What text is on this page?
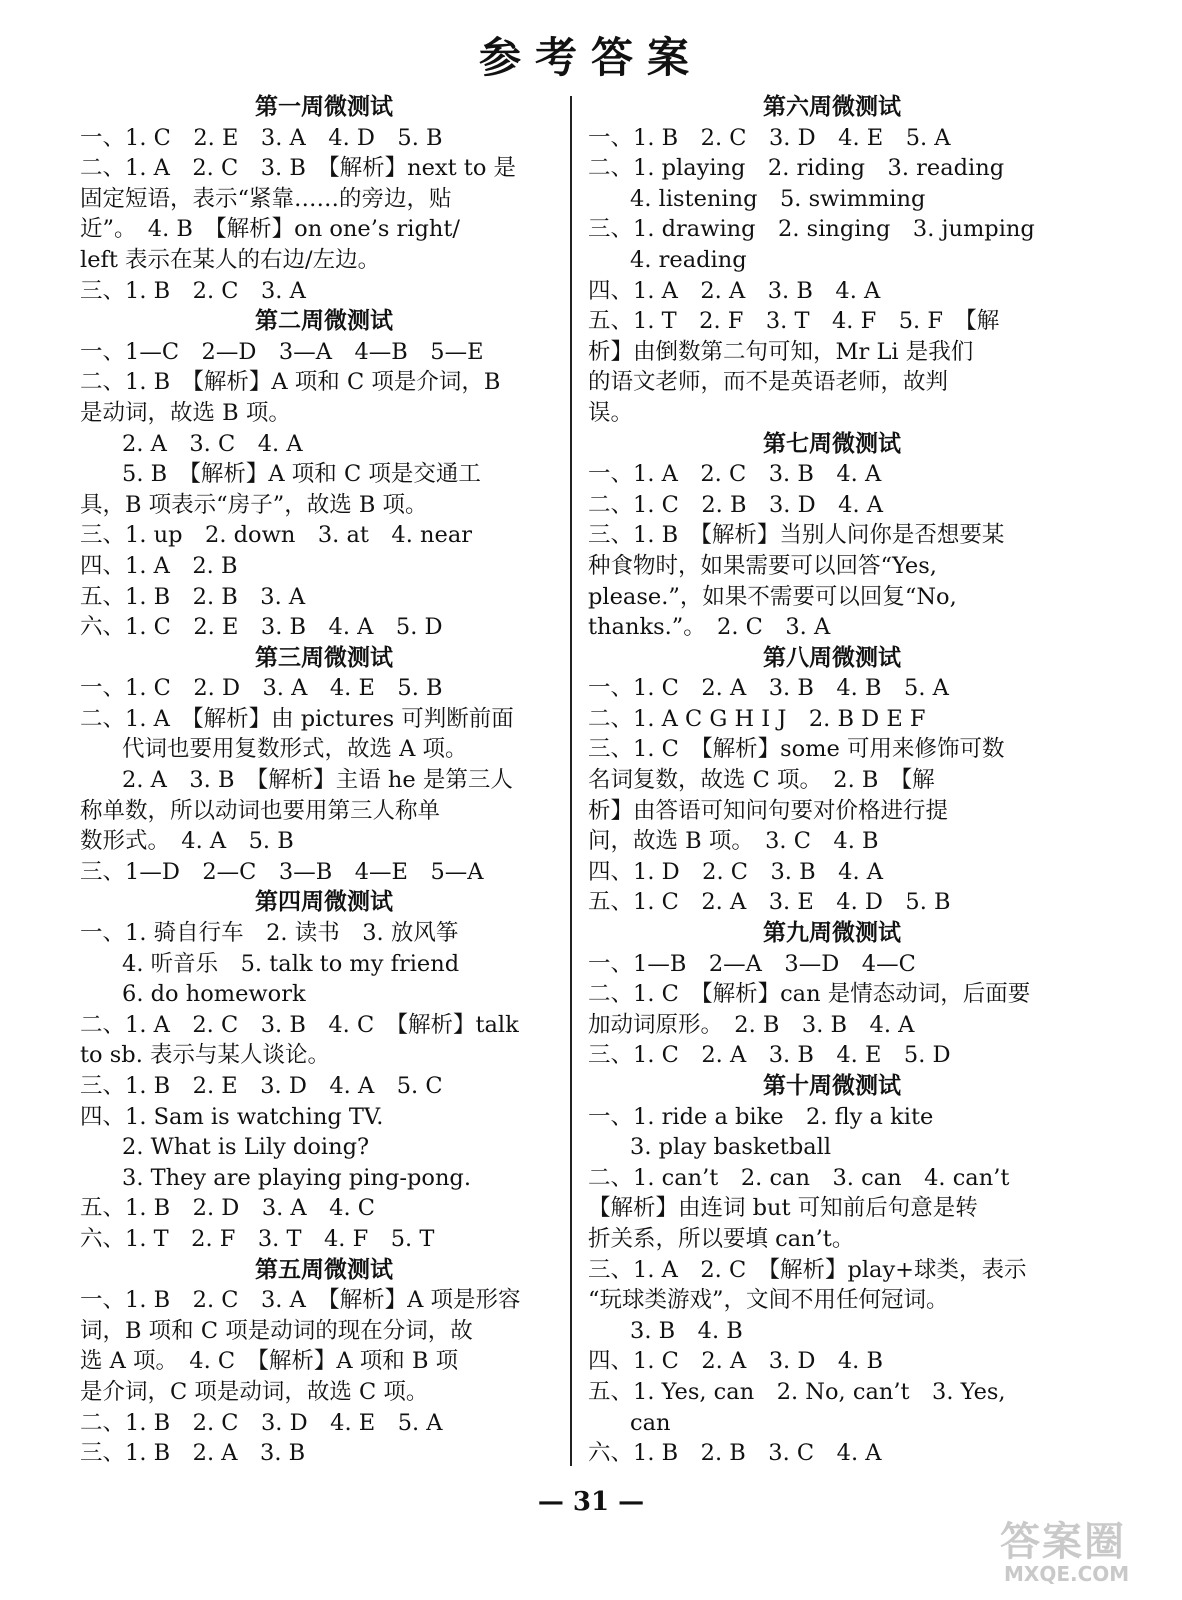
参考答案
第一周微测试
一、1. C　2. E　3. A　4. D　5. B
二、1. A　2. C　3. B　【解析】next to 是
固定短语，表示“紧靠……的旁边，贴
近”。　4. B　【解析】on one’s right/
left 表示在某人的右边/左边。
三、1. B　2. C　3. A
第二周微测试
一、1—C　2—D　3—A　4—B　5—E
二、1. B　【解析】A 项和 C 项是介词，B
是动词，故选 B 项。
2. A　3. C　4. A
5. B　【解析】A 项和 C 项是交通工
具，B 项表示“房子”，故选 B 项。
三、1. up　2. down　3. at　4. near
四、1. A　2. B
五、1. B　2. B　3. A
六、1. C　2. E　3. B　4. A　5. D
第三周微测试
一、1. C　2. D　3. A　4. E　5. B
二、1. A　【解析】由 pictures 可判断前面
代词也要用复数形式，故选 A 项。
2. A　3. B　【解析】主语 he 是第三人
称单数，所以动词也要用第三人称单
数形式。　4. A　5. B
三、1—D　2—C　3—B　4—E　5—A
第四周微测试
一、1. 骑自行车　2. 读书　3. 放风筝
4. 听音乐　5. talk to my friend
6. do homework
二、1. A　2. C　3. B　4. C　【解析】talk
to sb. 表示与某人谈论。
三、1. B　2. E　3. D　4. A　5. C
四、1. Sam is watching TV.
2. What is Lily doing?
3. They are playing ping-pong.
五、1. B　2. D　3. A　4. C
六、1. T　2. F　3. T　4. F　5. T
第五周微测试
一、1. B　2. C　3. A　【解析】A 项是形容
词，B 项和 C 项是动词的现在分词，故
选 A 项。　4. C　【解析】A 项和 B 项
是介词，C 项是动词，故选 C 项。
二、1. B　2. C　3. D　4. E　5. A
三、1. B　2. A　3. B
第六周微测试
一、1. B　2. C　3. D　4. E　5. A
二、1. playing　2. riding　3. reading
4. listening　5. swimming
三、1. drawing　2. singing　3. jumping
4. reading
四、1. A　2. A　3. B　4. A
五、1. T　2. F　3. T　4. F　5. F　【解
析】由倒数第二句可知，Mr Li 是我们
的语文老师，而不是英语老师，故判
误。
第七周微测试
一、1. A　2. C　3. B　4. A
二、1. C　2. B　3. D　4. A
三、1. B　【解析】当别人问你是否想要某
种食物时，如果需要可以回答“Yes,
please.”，如果不需要可以回复“No,
thanks.”。　2. C　3. A
第八周微测试
一、1. C　2. A　3. B　4. B　5. A
二、1. A C G H I J　2. B D E F
三、1. C　【解析】some 可用来修饰可数
名词复数，故选 C 项。　2. B　【解
析】由答语可知问句要对价格进行提
问，故选 B 项。　3. C　4. B
四、1. D　2. C　3. B　4. A
五、1. C　2. A　3. E　4. D　5. B
第九周微测试
一、1—B　2—A　3—D　4—C
二、1. C　【解析】can 是情态动词，后面要
加动词原形。　2. B　3. B　4. A
三、1. C　2. A　3. B　4. E　5. D
第十周微测试
一、1. ride a bike　2. fly a kite
3. play basketball
二、1. can’t　2. can　3. can　4. can’t
【解析】由连词 but 可知前后句意是转
折关系，所以要填 can’t。
三、1. A　2. C　【解析】play+球类，表示
“玩球类游戏”，文间不用任何冠词。
3. B　4. B
四、1. C　2. A　3. D　4. B
五、1. Yes, can　2. No, can’t　3. Yes,
can
六、1. B　2. B　3. C　4. A
— 31 —
答案圈
MXQE.COM
